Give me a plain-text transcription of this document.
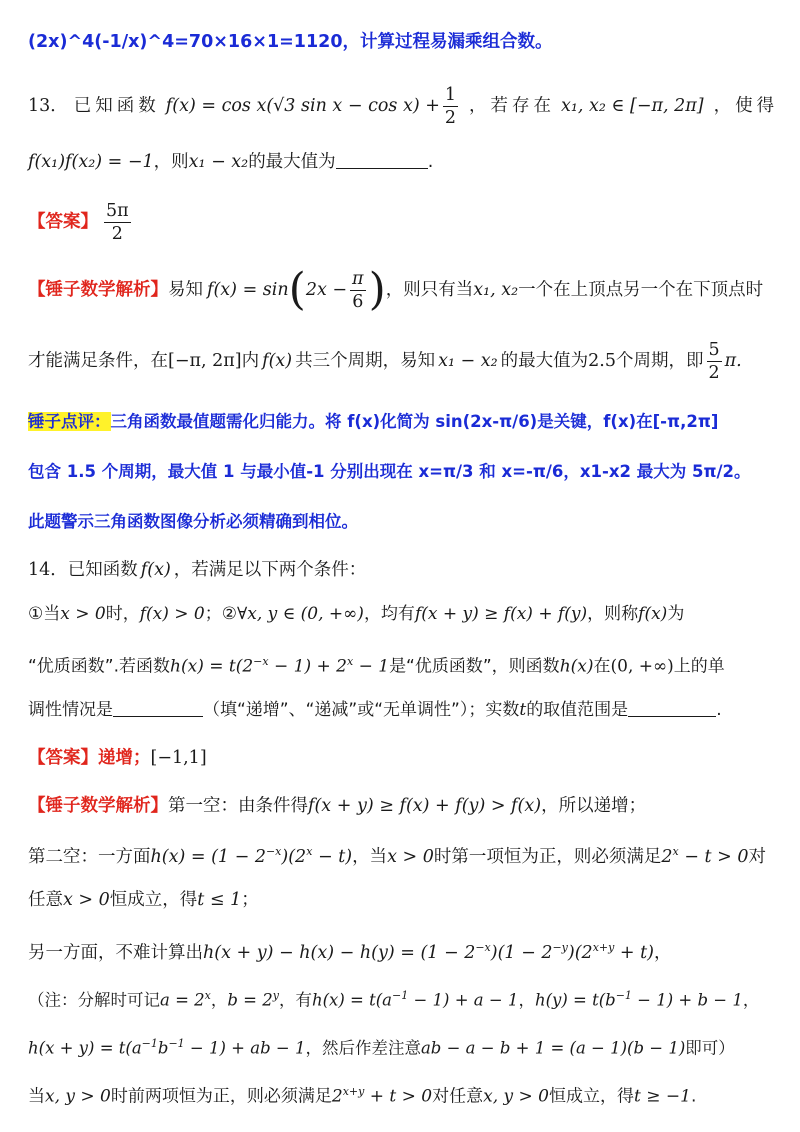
(2x)^4(-1/x)^4=70×16×1=1120，计算过程易漏乘组合数。
13． 已知函数 f(x) = cos x(√3 $\sin x - \cos x) + \frac{1}{2}$ ，若存在 x₁, x₂ ∈ [−π, 2π] ，使得
f(x₁)f(x₂) = −1，则x₁ − x₂的最大值为	.
【答案】 $\frac{5\pi}{2}$
【锤子数学解析】 易知 f(x) = sin ( $2x - \frac{\pi}{6}$ ) ，则只有当 x₁, x₂ 一个在上顶点另一个在下顶点时
才能满足条件，在 [−π, 2π] 内 f(x) 共三个周期，易知 x₁ − x₂ 的最大值为 2.5 个周期，即 $\frac{5}{2} \pi$.
锤子点评：三角函数最值题需化归能力。将 f(x)化简为 sin(2x-π/6)是关键，f(x)在[-π,2π]
包含 1.5 个周期，最大值 1 与最小值-1 分别出现在 x=π/3 和 x=-π/6，x1-x2 最大为 5π/2。
此题警示三角函数图像分析必须精确到相位。
14．已知函数 f(x) ，若满足以下两个条件：
①当x > 0时，f(x) > 0；②∀x, y ∈ (0, +∞)，均有f(x + y) ≥ f(x) + f(y)，则称f(x)为
“优质函数”.若函数$h(x) = t(2^{-x} - 1) + 2^x - 1$是“优质函数”，则函数h(x)在(0, +∞)上的单
调性情况是	（填“递增”、“递减”或“无单调性”）；实数t的取值范围是	.
【答案】递增；[−1,1]
【锤子数学解析】第一空：由条件得f(x + y) ≥ f(x) + f(y) > f(x)，所以递增；
第二空：一方面$h(x) = (1 - 2^{-x})(2^x - t)$，当x > 0时第一项恒为正，则必须满足$2^x - t > 0$对
任意x > 0恒成立，得t ≤ 1；
另一方面，不难计算出$h(x + y) - h(x) - h(y) = (1 - 2^{-x})(1 - 2^{-y})(2^{x+y} + t)$，
（注：分解时可记$a = 2^x$，$b = 2^y$，有$h(x) = t(a^{-1} - 1) + a - 1$，$h(y) = t(b^{-1} - 1) + b - 1$，
$h(x + y) = t(a^{-1}b^{-1} - 1)$ + ab − 1，然后作差注意ab − a − b + 1 = (a − 1)(b − 1)即可）
当x, y > 0时前两项恒为正，则必须满足$2^{x+y} + t > 0$对任意x, y > 0恒成立，得t ≥ −1.
